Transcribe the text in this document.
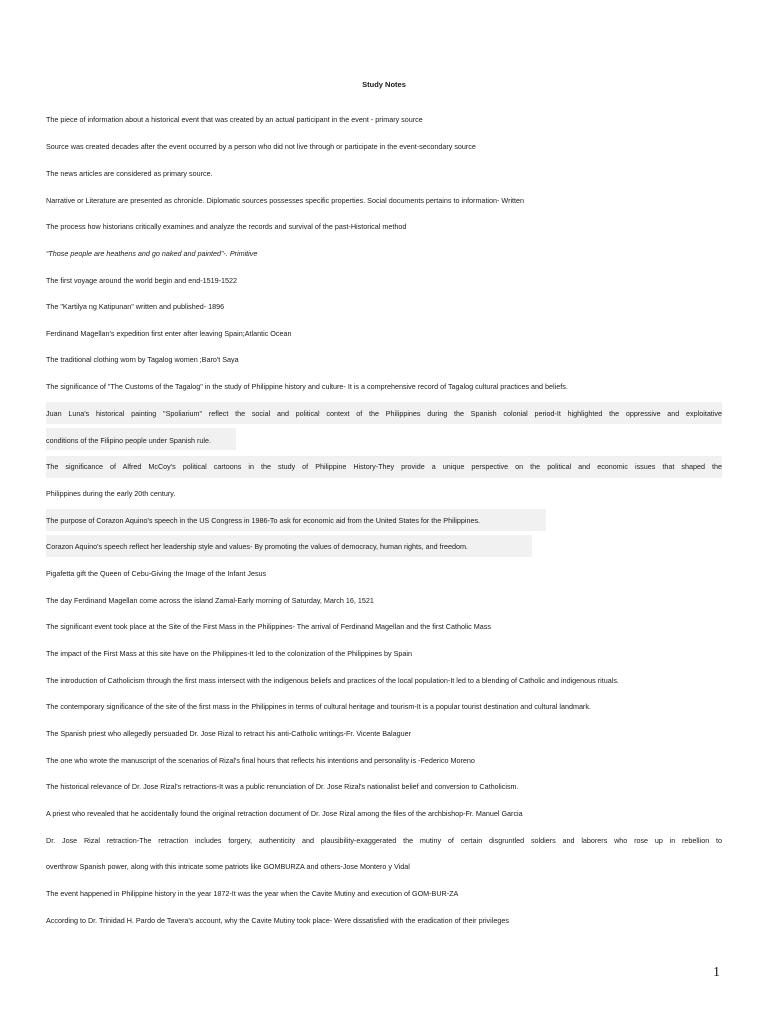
Study Notes
The piece of information about a historical event that was created by an actual participant in the event - primary source
Source was created decades after the event occurred by a person who did not live through or participate in the event-secondary source
The news articles are considered as primary source.
Narrative or Literature are presented as chronicle. Diplomatic sources possesses specific properties. Social documents pertains to information- Written
The process how historians critically examines and analyze the records and survival of the past-Historical method
“Those people are heathens and go naked and painted”-. Primitive
The first voyage around the world begin and end-1519-1522
The "Kartilya ng Katipunan" written and published- 1896
Ferdinand Magellan's expedition first enter after leaving Spain;Atlantic Ocean
The traditional clothing worn by Tagalog women ;Baro't Saya
The significance of "The Customs of the Tagalog" in the study of Philippine history and culture- It is a comprehensive record of Tagalog cultural practices and beliefs.
Juan Luna's historical painting "Spoliarium" reflect the social and political context of the Philippines during the Spanish colonial period-It highlighted the oppressive and exploitative
conditions of the Filipino people under Spanish rule.
The significance of Alfred McCoy's political cartoons in the study of Philippine History-They provide a unique perspective on the political and economic issues that shaped the
Philippines during the early 20th century.
The purpose of Corazon Aquino's speech in the US Congress in 1986-To ask for economic aid from the United States for the Philippines.
Corazon Aquino's speech reflect her leadership style and values- By promoting the values of democracy, human rights, and freedom.
Pigafetta gift the Queen of Cebu-Giving the Image of the Infant Jesus
The day Ferdinand Magellan come across the island Zamal-Early morning of Saturday, March 16, 1521
The significant event took place at the Site of the First Mass in the Philippines- The arrival of Ferdinand Magellan and the first Catholic Mass
The impact of the First Mass at this site have on the Philippines-It led to the colonization of the Philippines by Spain
The introduction of Catholicism through the first mass intersect with the indigenous beliefs and practices of the local population-It led to a blending of Catholic and indigenous rituals.
The contemporary significance of the site of the first mass in the Philippines in terms of cultural heritage and tourism-It is a popular tourist destination and cultural landmark.
The Spanish priest who allegedly persuaded Dr. Jose Rizal to retract his anti-Catholic writings-Fr. Vicente Balaguer
The one who wrote the manuscript of the scenarios of Rizal's final hours that reflects his intentions and personality is -Federico Moreno
The historical relevance of Dr. Jose Rizal's retractions-It was a public renunciation of Dr. Jose Rizal's nationalist belief and conversion to Catholicism.
A priest who revealed that he accidentally found the original retraction document of Dr. Jose Rizal among the files of the archbishop-Fr. Manuel Garcia
Dr. Jose Rizal retraction-The retraction includes forgery, authenticity and plausibility-exaggerated the mutiny of certain disgruntled soldiers and laborers who rose up in rebellion to
overthrow Spanish power, along with this intricate some patriots like GOMBURZA and others-Jose Montero y Vidal
The event happened in Philippine history in the year 1872-It was the year when the Cavite Mutiny and execution of GOM-BUR-ZA
According to Dr. Trinidad H. Pardo de Tavera's account, why the Cavite Mutiny took place- Were dissatisfied with the eradication of their privileges
1
